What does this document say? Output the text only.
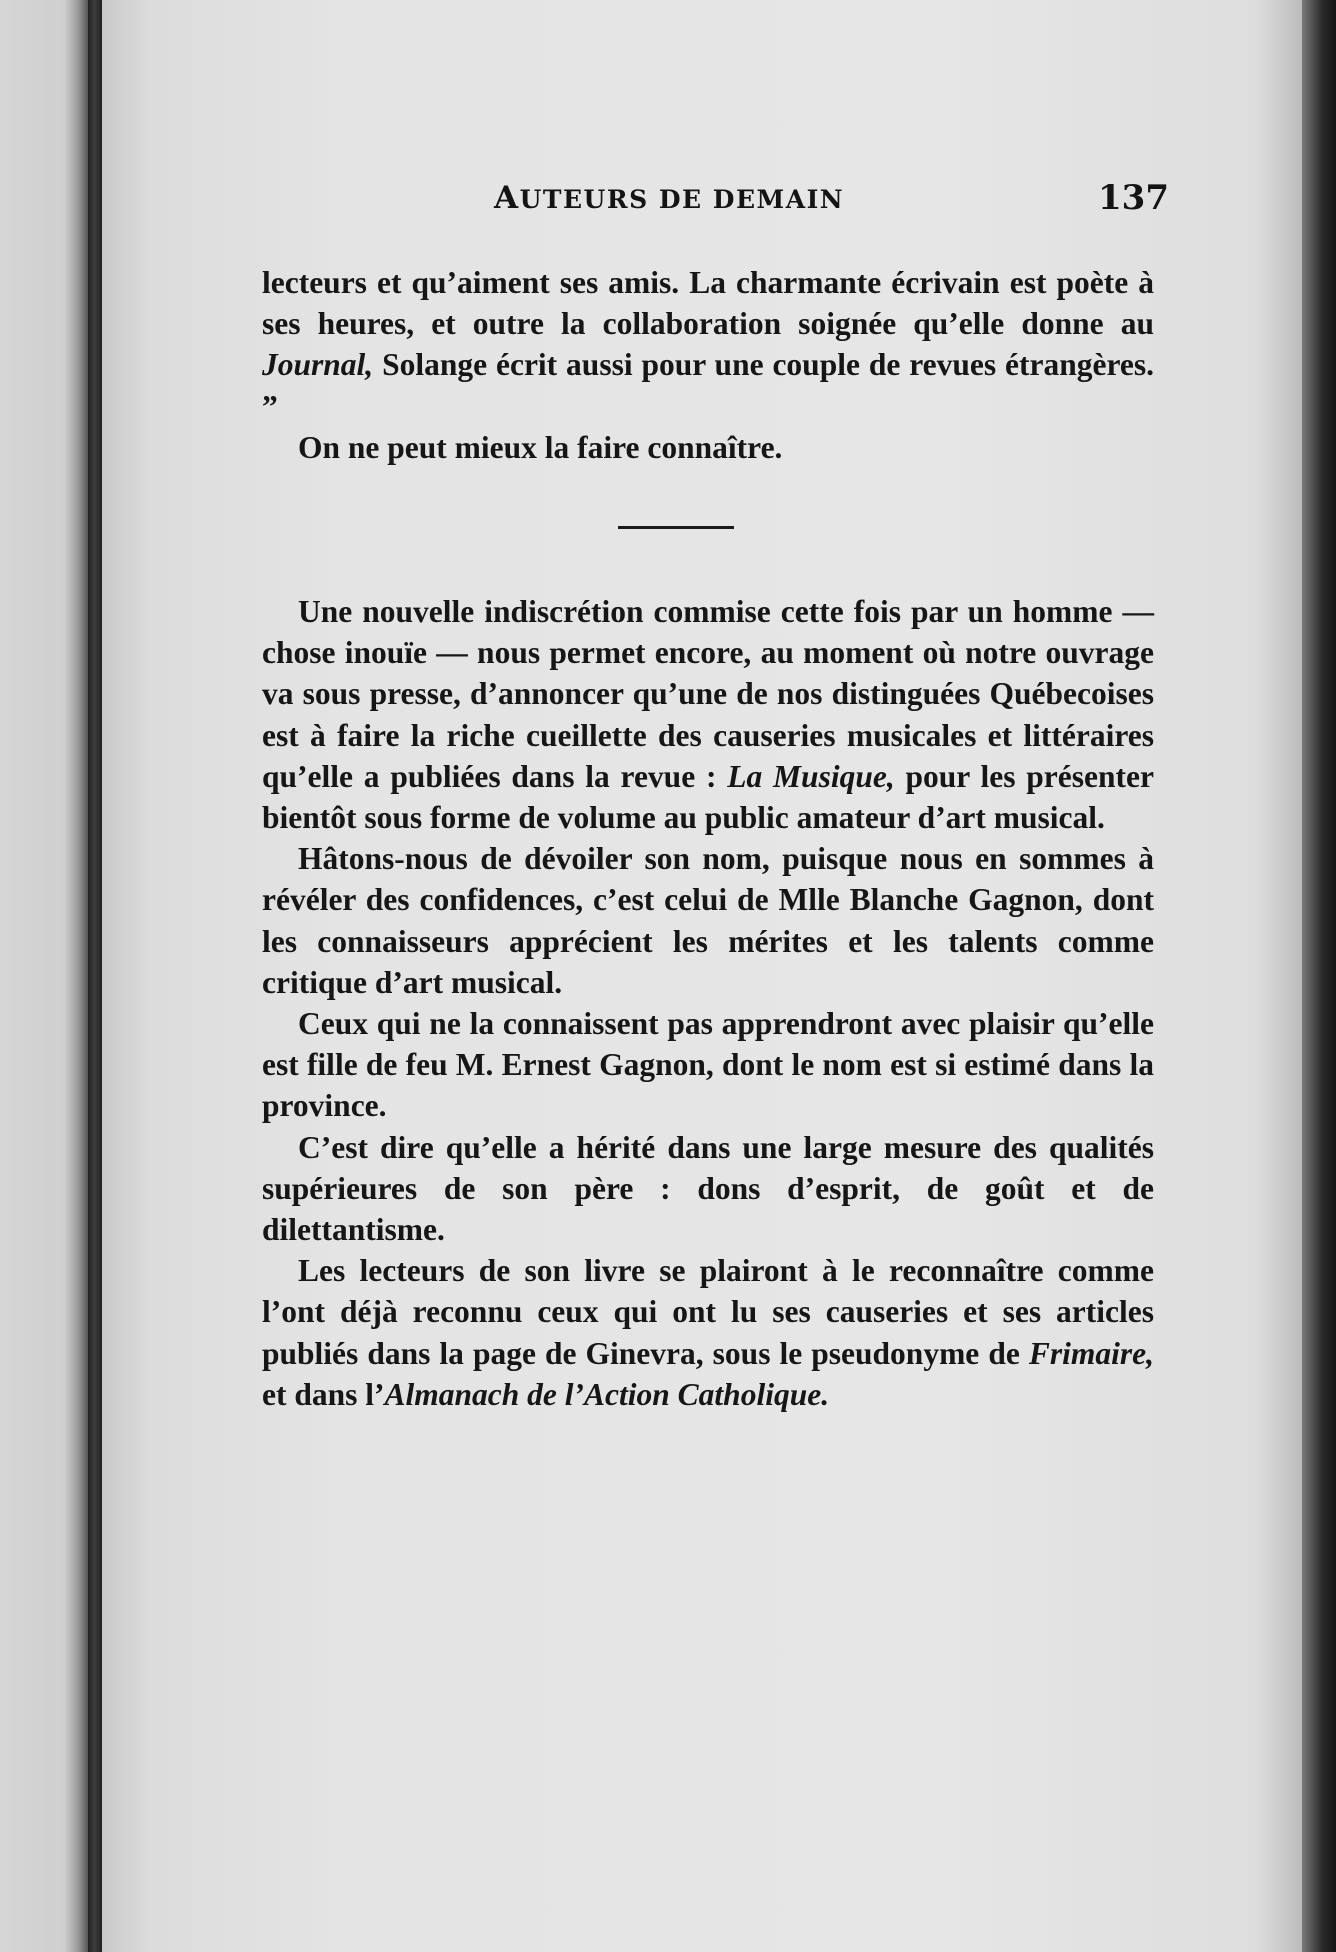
AUTEURS DE DEMAIN	137

lecteurs et qu’aiment ses amis. La charmante écrivain est poète à ses heures, et outre la collaboration soignée qu’elle donne au Journal, Solange écrit aussi pour une couple de revues étrangères. ”

On ne peut mieux la faire connaître.

Une nouvelle indiscrétion commise cette fois par un homme — chose inouïe — nous permet encore, au moment où notre ouvrage va sous presse, d’annoncer qu’une de nos distinguées Québecoises est à faire la riche cueillette des causeries musicales et littéraires qu’elle a publiées dans la revue : La Musique, pour les présenter bientôt sous forme de volume au public amateur d’art musical.

Hâtons-nous de dévoiler son nom, puisque nous en sommes à révéler des confidences, c’est celui de Mlle Blanche Gagnon, dont les connaisseurs apprécient les mérites et les talents comme critique d’art musical.

Ceux qui ne la connaissent pas apprendront avec plaisir qu’elle est fille de feu M. Ernest Gagnon, dont le nom est si estimé dans la province.

C’est dire qu’elle a hérité dans une large mesure des qualités supérieures de son père : dons d’esprit, de goût et de dilettantisme.

Les lecteurs de son livre se plairont à le reconnaître comme l’ont déjà reconnu ceux qui ont lu ses causeries et ses articles publiés dans la page de Ginevra, sous le pseudonyme de Frimaire, et dans l’Almanach de l’Action Catholique.
